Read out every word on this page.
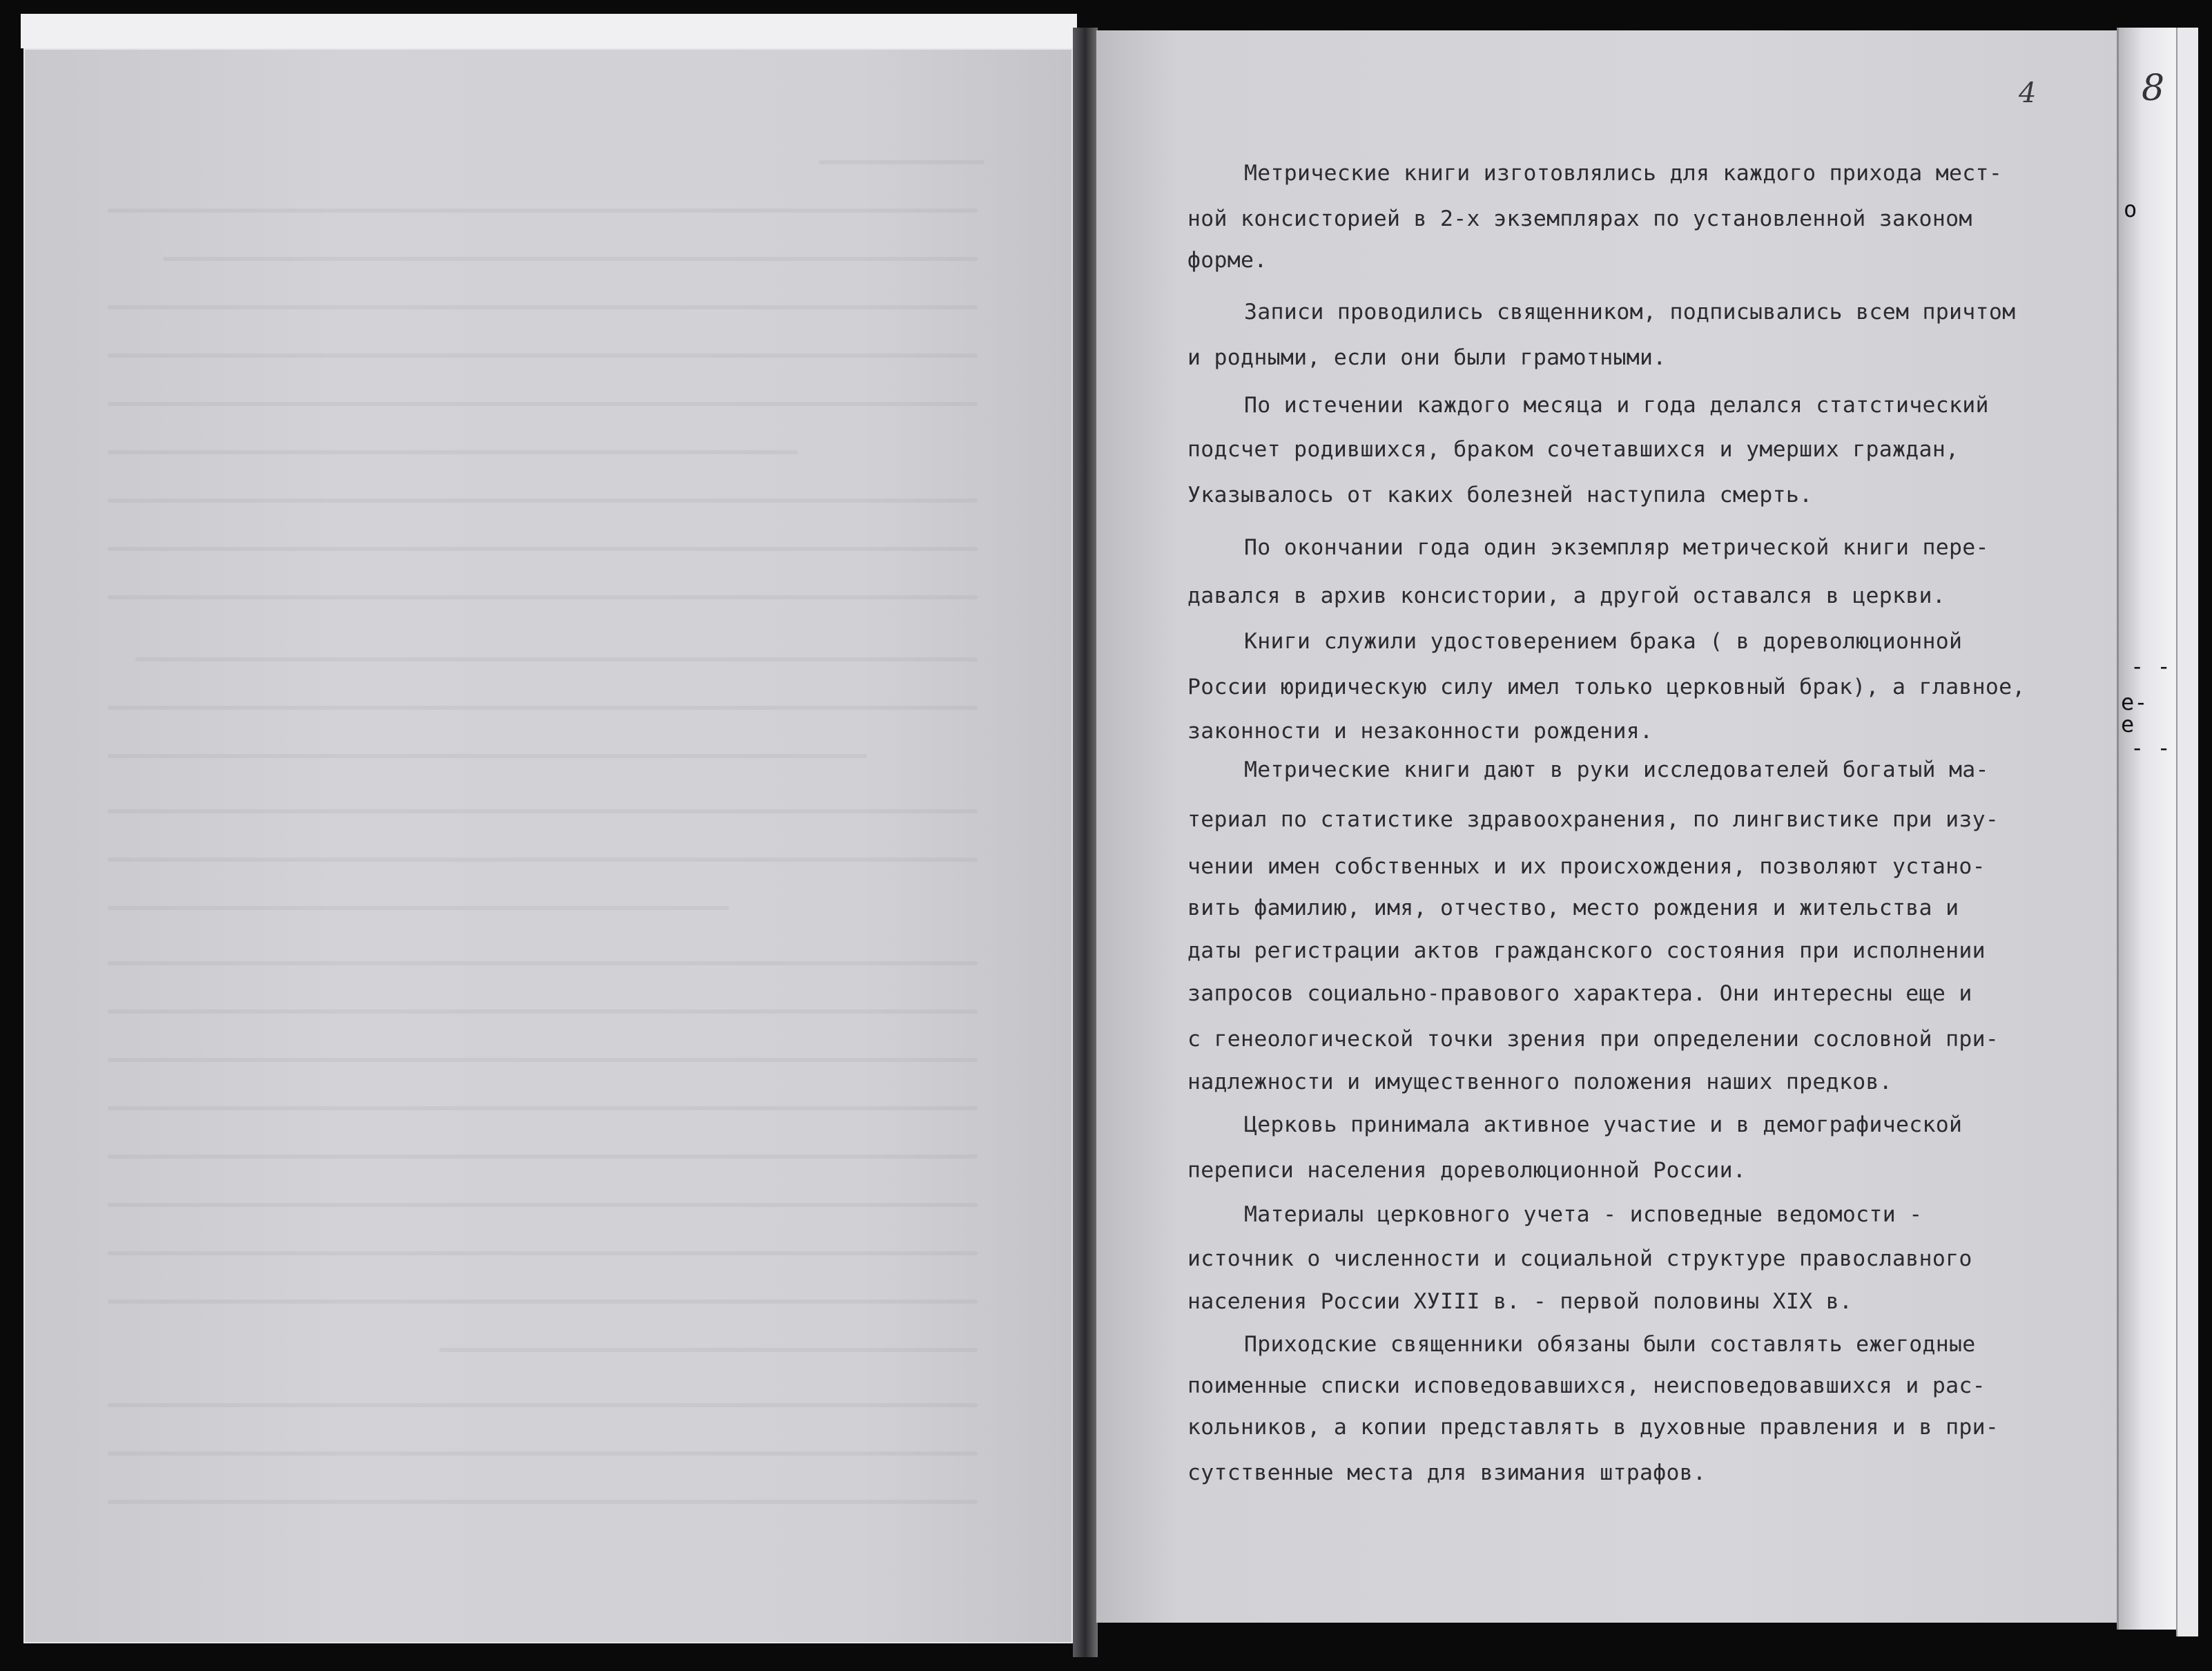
4	8
о
- -
е-
е
- -
Метрические книги изготовлялись для каждого прихода мест-
ной консисторией в 2-х экземплярах по установленной законом
форме.
Записи проводились священником, подписывались всем причтом
и родными, если они были грамотными.
По истечении каждого месяца и года делался статстический
подсчет родившихся, браком сочетавшихся и умерших граждан,
Указывалось от каких болезней наступила смерть.
По окончании года один экземпляр метрической книги пере-
давался в архив консистории, а другой оставался в церкви.
Книги служили удостоверением брака ( в дореволюционной
России юридическую силу имел только церковный брак), а главное,
законности и незаконности рождения.
Метрические книги дают в руки исследователей богатый ма-
териал по статистике здравоохранения, по лингвистике при изу-
чении имен собственных и их происхождения, позволяют устано-
вить фамилию, имя, отчество, место рождения и жительства и
даты регистрации актов гражданского состояния при исполнении
запросов социально-правового характера. Они интересны еще и
с генеологической точки зрения при определении сословной при-
надлежности и имущественного положения наших предков.
Церковь принимала активное участие и в демографической
переписи населения дореволюционной России.
Материалы церковного учета - исповедные ведомости -
источник о численности и социальной структуре православного
населения России ХУIII в. - первой половины XIX в.
Приходские священники обязаны были составлять ежегодные
поименные списки исповедовавшихся, неисповедовавшихся и рас-
кольников, а копии представлять в духовные правления и в при-
сутственные места для взимания штрафов.
